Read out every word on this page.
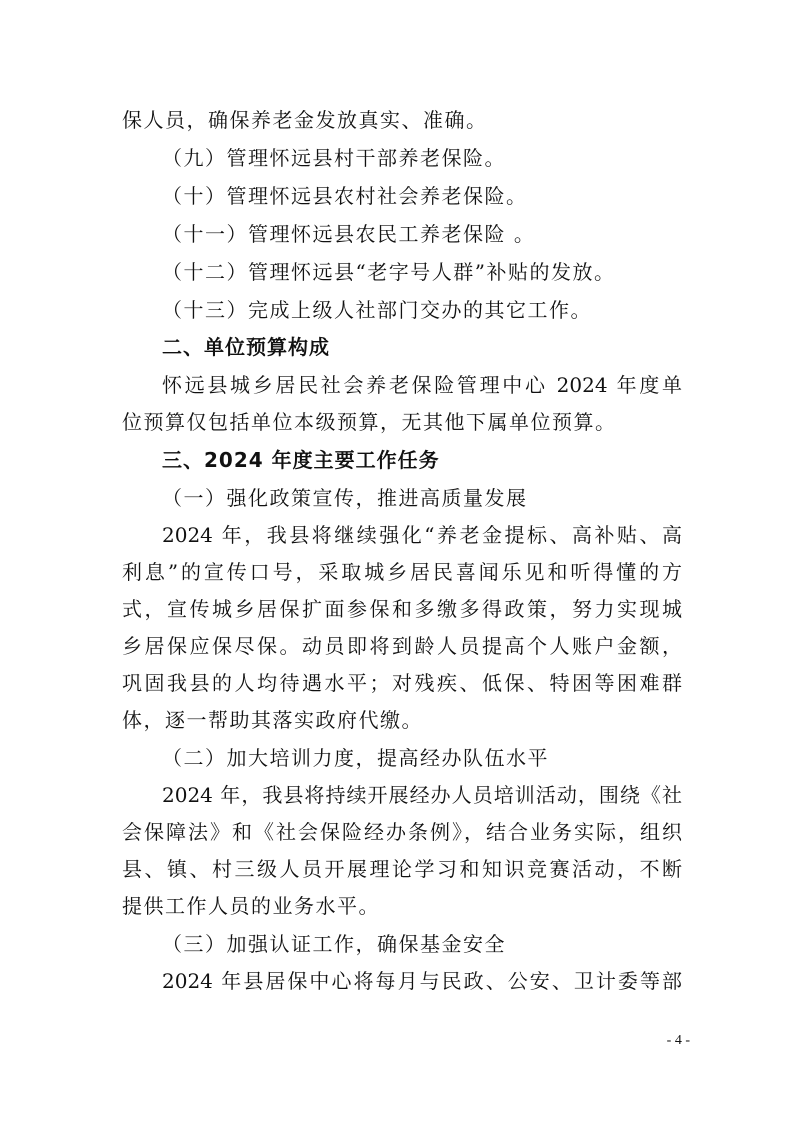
保人员，确保养老金发放真实、准确。
（九）管理怀远县村干部养老保险。
（十）管理怀远县农村社会养老保险。
（十一）管理怀远县农民工养老保险 。
（十二）管理怀远县“老字号人群”补贴的发放。
（十三）完成上级人社部门交办的其它工作。
二、单位预算构成
怀远县城乡居民社会养老保险管理中心 2024 年度单
位预算仅包括单位本级预算，无其他下属单位预算。
三、2024 年度主要工作任务
（一）强化政策宣传，推进高质量发展
2024 年，我县将继续强化“养老金提标、高补贴、高
利息”的宣传口号，采取城乡居民喜闻乐见和听得懂的方
式，宣传城乡居保扩面参保和多缴多得政策，努力实现城
乡居保应保尽保。动员即将到龄人员提高个人账户金额，
巩固我县的人均待遇水平；对残疾、低保、特困等困难群
体，逐一帮助其落实政府代缴。
（二）加大培训力度，提高经办队伍水平
2024 年，我县将持续开展经办人员培训活动，围绕《社
会保障法》和《社会保险经办条例》，结合业务实际，组织
县、镇、村三级人员开展理论学习和知识竞赛活动，不断
提供工作人员的业务水平。
（三）加强认证工作，确保基金安全
2024 年县居保中心将每月与民政、公安、卫计委等部
- 4 -
